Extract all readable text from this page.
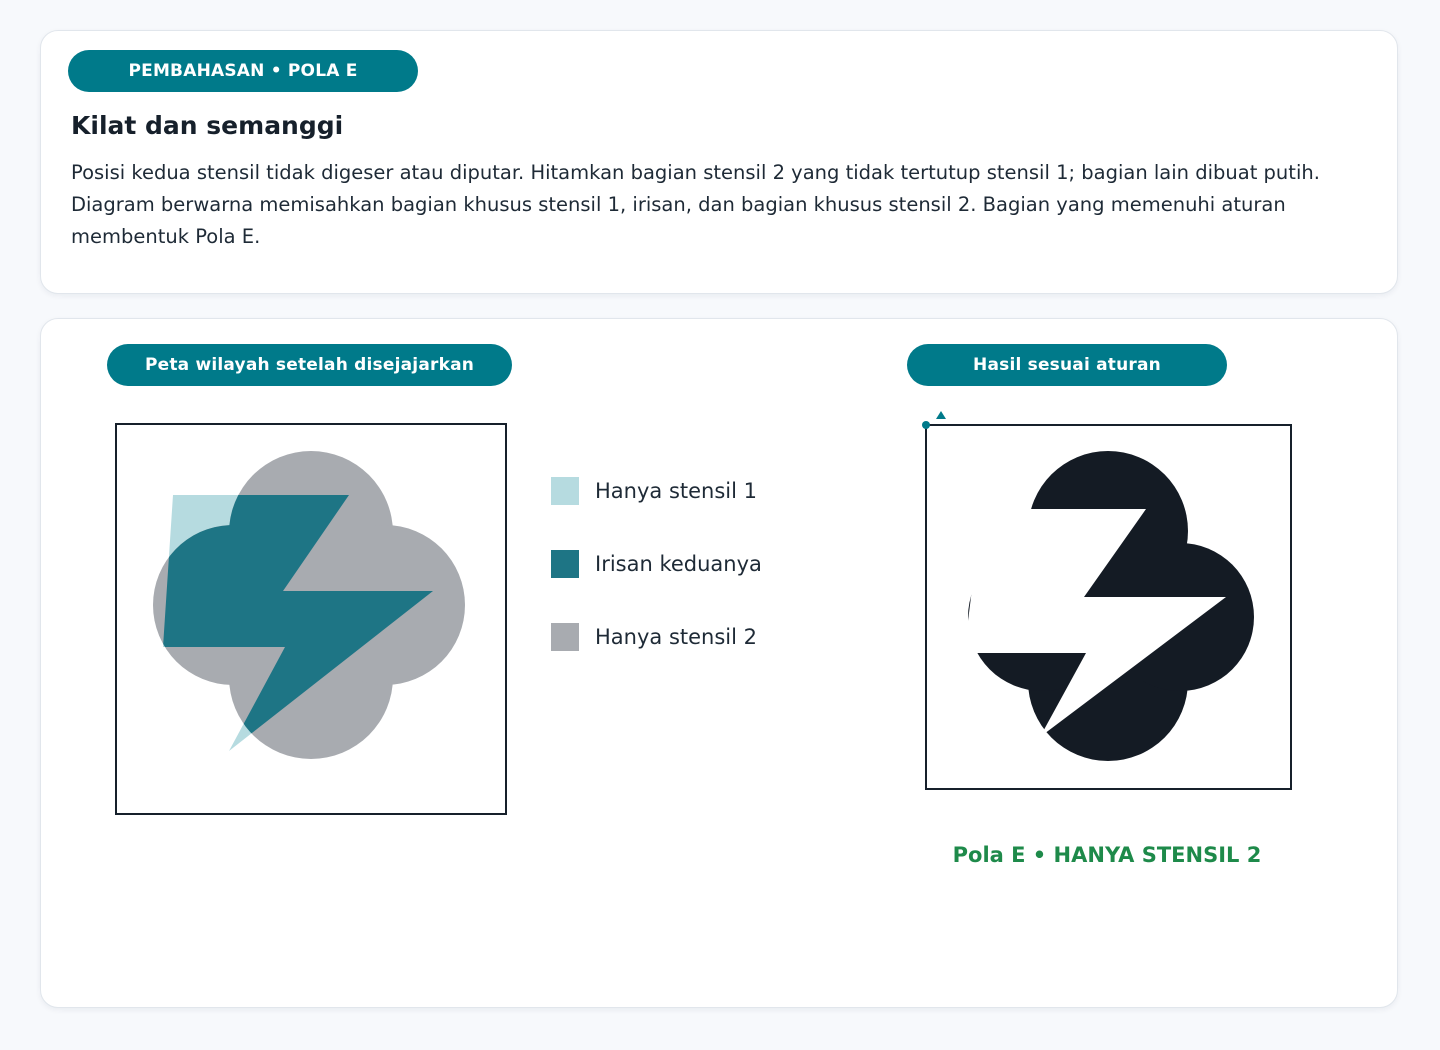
PEMBAHASAN • POLA E
Kilat dan semanggi

Posisi kedua stensil tidak digeser atau diputar. Hitamkan bagian stensil 2 yang tidak tertutup stensil 1; bagian lain dibuat putih. Diagram berwarna memisahkan bagian khusus stensil 1, irisan, dan bagian khusus stensil 2. Bagian yang memenuhi aturan membentuk Pola E.

Peta wilayah setelah disejajarkan	Hasil sesuai aturan
Hanya stensil 1
Irisan keduanya
Hanya stensil 2
Pola E • HANYA STENSIL 2
